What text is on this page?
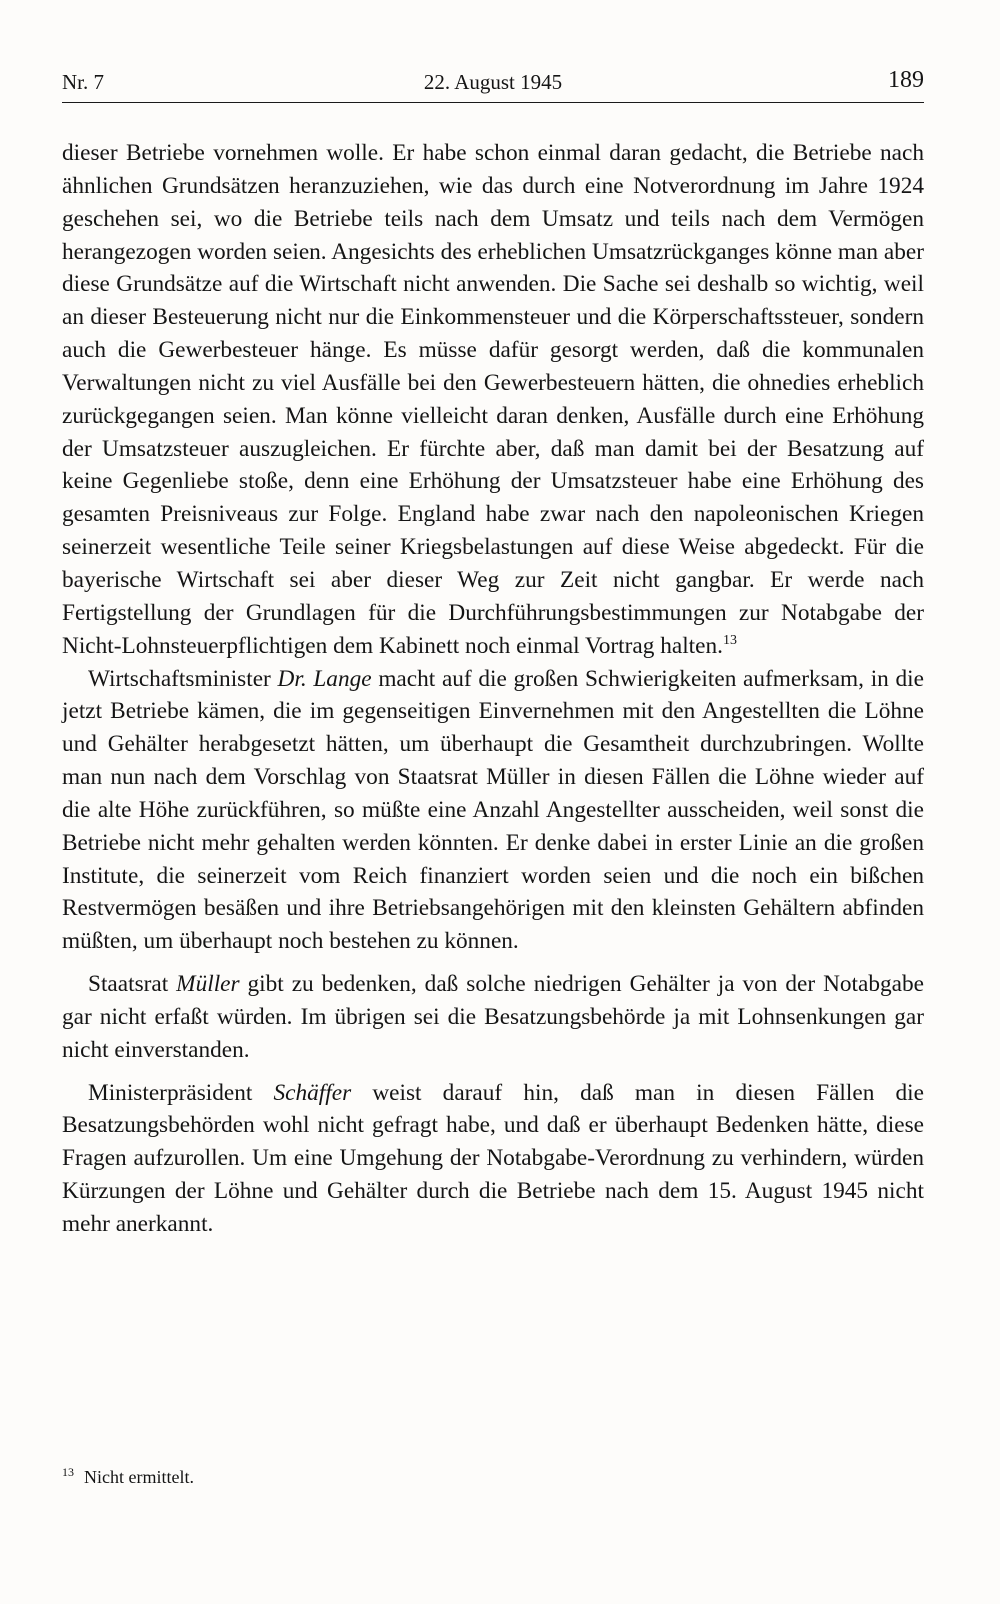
Nr. 7	22. August 1945	189

dieser Betriebe vornehmen wolle. Er habe schon einmal daran gedacht, die Betriebe nach ähnlichen Grundsätzen heranzuziehen, wie das durch eine Notverordnung im Jahre 1924 geschehen sei, wo die Betriebe teils nach dem Umsatz und teils nach dem Vermögen herangezogen worden seien. Angesichts des erheblichen Umsatzrückganges könne man aber diese Grundsätze auf die Wirtschaft nicht anwenden. Die Sache sei deshalb so wichtig, weil an dieser Besteuerung nicht nur die Einkommensteuer und die Körperschaftssteuer, sondern auch die Gewerbesteuer hänge. Es müsse dafür gesorgt werden, daß die kommunalen Verwaltungen nicht zu viel Ausfälle bei den Gewerbesteuern hätten, die ohnedies erheblich zurückgegangen seien. Man könne vielleicht daran denken, Ausfälle durch eine Erhöhung der Umsatzsteuer auszugleichen. Er fürchte aber, daß man damit bei der Besatzung auf keine Gegenliebe stoße, denn eine Erhöhung der Umsatzsteuer habe eine Erhöhung des gesamten Preisniveaus zur Folge. England habe zwar nach den napoleonischen Kriegen seinerzeit wesentliche Teile seiner Kriegsbelastungen auf diese Weise abgedeckt. Für die bayerische Wirtschaft sei aber dieser Weg zur Zeit nicht gangbar. Er werde nach Fertigstellung der Grundlagen für die Durchführungsbestimmungen zur Notabgabe der Nicht-Lohnsteuerpflichtigen dem Kabinett noch einmal Vortrag halten.$^{13}$

Wirtschaftsminister Dr. Lange macht auf die großen Schwierigkeiten aufmerksam, in die jetzt Betriebe kämen, die im gegenseitigen Einvernehmen mit den Angestellten die Löhne und Gehälter herabgesetzt hätten, um überhaupt die Gesamtheit durchzubringen. Wollte man nun nach dem Vorschlag von Staatsrat Müller in diesen Fällen die Löhne wieder auf die alte Höhe zurückführen, so müßte eine Anzahl Angestellter ausscheiden, weil sonst die Betriebe nicht mehr gehalten werden könnten. Er denke dabei in erster Linie an die großen Institute, die seinerzeit vom Reich finanziert worden seien und die noch ein bißchen Restvermögen besäßen und ihre Betriebsangehörigen mit den kleinsten Gehältern abfinden müßten, um überhaupt noch bestehen zu können.

Staatsrat Müller gibt zu bedenken, daß solche niedrigen Gehälter ja von der Notabgabe gar nicht erfaßt würden. Im übrigen sei die Besatzungsbehörde ja mit Lohnsenkungen gar nicht einverstanden.

Ministerpräsident Schäffer weist darauf hin, daß man in diesen Fällen die Besatzungsbehörden wohl nicht gefragt habe, und daß er überhaupt Bedenken hätte, diese Fragen aufzurollen. Um eine Umgehung der Notabgabe-Verordnung zu verhindern, würden Kürzungen der Löhne und Gehälter durch die Betriebe nach dem 15. August 1945 nicht mehr anerkannt.

$^{13}$ Nicht ermittelt.
